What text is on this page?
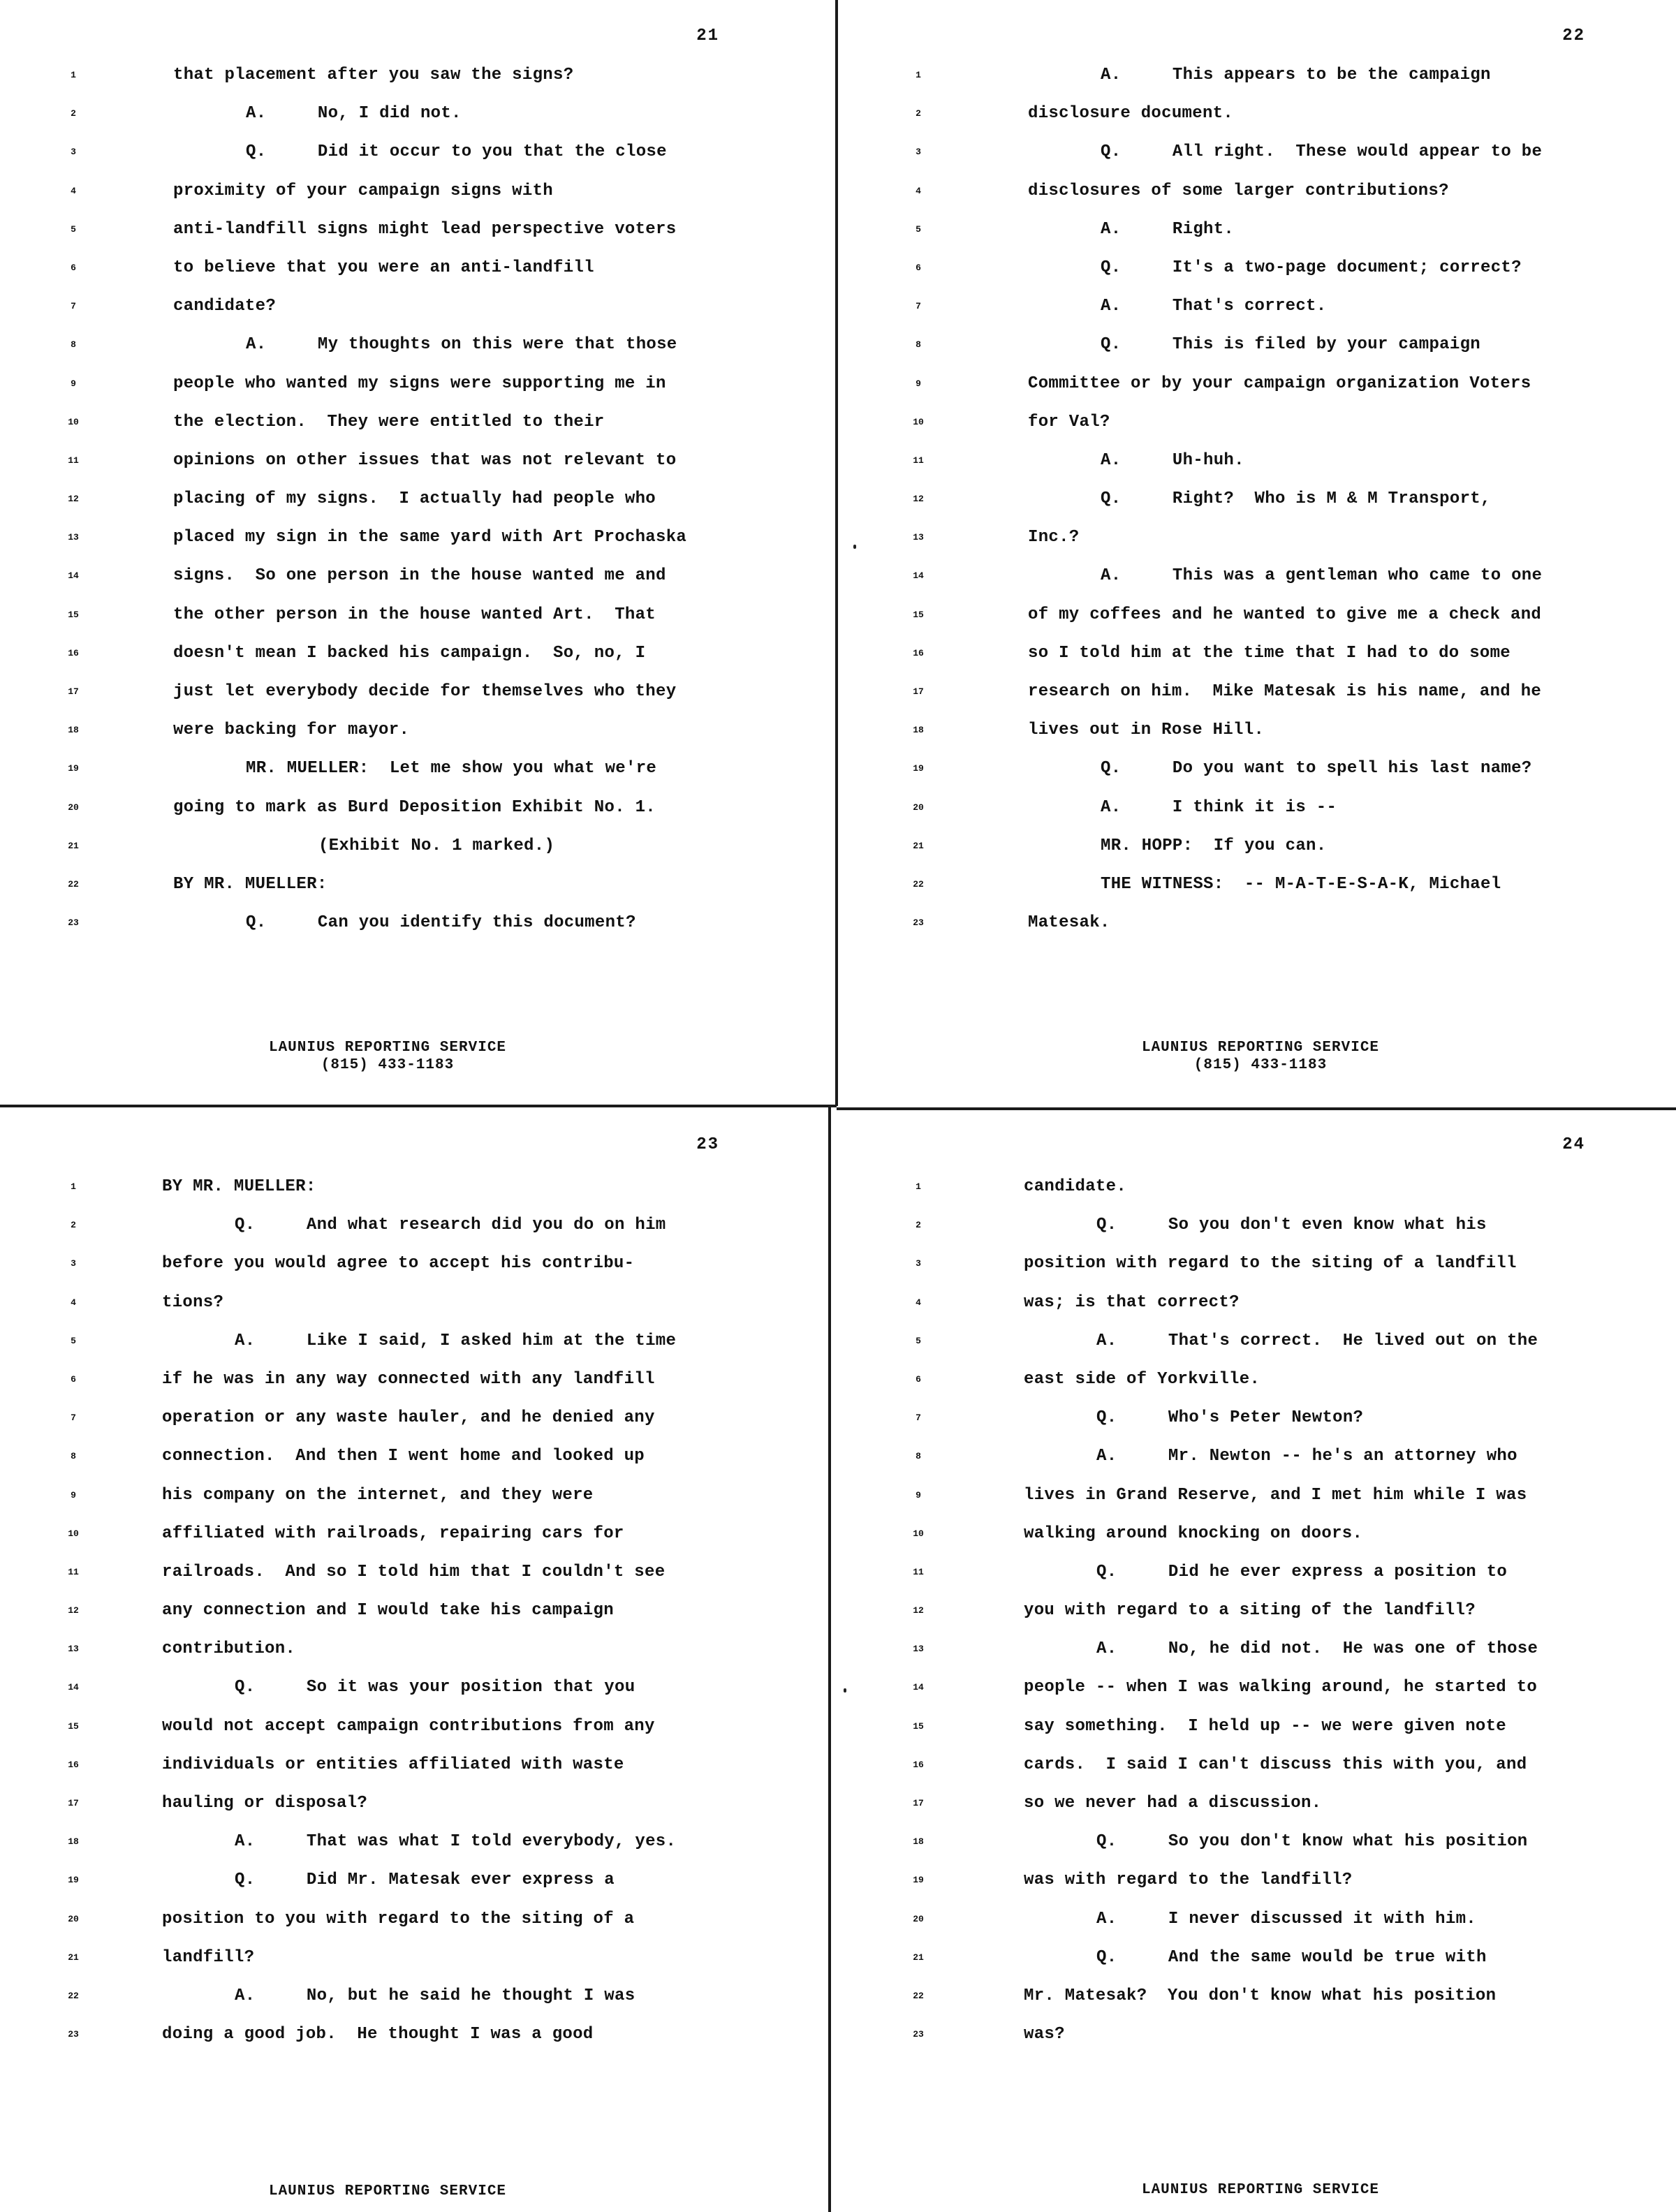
21
1	that placement after you saw the signs?
2	A.     No, I did not.
3	Q.     Did it occur to you that the close
4	proximity of your campaign signs with
5	anti-landfill signs might lead perspective voters
6	to believe that you were an anti-landfill
7	candidate?
8	A.     My thoughts on this were that those
9	people who wanted my signs were supporting me in
10	the election.  They were entitled to their
11	opinions on other issues that was not relevant to
12	placing of my signs.  I actually had people who
13	placed my sign in the same yard with Art Prochaska
14	signs.  So one person in the house wanted me and
15	the other person in the house wanted Art.  That
16	doesn't mean I backed his campaign.  So, no, I
17	just let everybody decide for themselves who they
18	were backing for mayor.
19	MR. MUELLER:  Let me show you what we're
20	going to mark as Burd Deposition Exhibit No. 1.
21	(Exhibit No. 1 marked.)
22	BY MR. MUELLER:
23	Q.     Can you identify this document?
LAUNIUS REPORTING SERVICE
(815) 433-1183
22
1	A.     This appears to be the campaign
2	disclosure document.
3	Q.     All right.  These would appear to be
4	disclosures of some larger contributions?
5	A.     Right.
6	Q.     It's a two-page document; correct?
7	A.     That's correct.
8	Q.     This is filed by your campaign
9	Committee or by your campaign organization Voters
10	for Val?
11	A.     Uh-huh.
12	Q.     Right?  Who is M & M Transport,
13	Inc.?
14	A.     This was a gentleman who came to one
15	of my coffees and he wanted to give me a check and
16	so I told him at the time that I had to do some
17	research on him.  Mike Matesak is his name, and he
18	lives out in Rose Hill.
19	Q.     Do you want to spell his last name?
20	A.     I think it is --
21	MR. HOPP:  If you can.
22	THE WITNESS:  -- M-A-T-E-S-A-K, Michael
23	Matesak.
LAUNIUS REPORTING SERVICE
(815) 433-1183
23
1	BY MR. MUELLER:
2	Q.     And what research did you do on him
3	before you would agree to accept his contribu-
4	tions?
5	A.     Like I said, I asked him at the time
6	if he was in any way connected with any landfill
7	operation or any waste hauler, and he denied any
8	connection.  And then I went home and looked up
9	his company on the internet, and they were
10	affiliated with railroads, repairing cars for
11	railroads.  And so I told him that I couldn't see
12	any connection and I would take his campaign
13	contribution.
14	Q.     So it was your position that you
15	would not accept campaign contributions from any
16	individuals or entities affiliated with waste
17	hauling or disposal?
18	A.     That was what I told everybody, yes.
19	Q.     Did Mr. Matesak ever express a
20	position to you with regard to the siting of a
21	landfill?
22	A.     No, but he said he thought I was
23	doing a good job.  He thought I was a good
LAUNIUS REPORTING SERVICE
24
1	candidate.
2	Q.     So you don't even know what his
3	position with regard to the siting of a landfill
4	was; is that correct?
5	A.     That's correct.  He lived out on the
6	east side of Yorkville.
7	Q.     Who's Peter Newton?
8	A.     Mr. Newton -- he's an attorney who
9	lives in Grand Reserve, and I met him while I was
10	walking around knocking on doors.
11	Q.     Did he ever express a position to
12	you with regard to a siting of the landfill?
13	A.     No, he did not.  He was one of those
14	people -- when I was walking around, he started to
15	say something.  I held up -- we were given note
16	cards.  I said I can't discuss this with you, and
17	so we never had a discussion.
18	Q.     So you don't know what his position
19	was with regard to the landfill?
20	A.     I never discussed it with him.
21	Q.     And the same would be true with
22	Mr. Matesak?  You don't know what his position
23	was?
LAUNIUS REPORTING SERVICE
